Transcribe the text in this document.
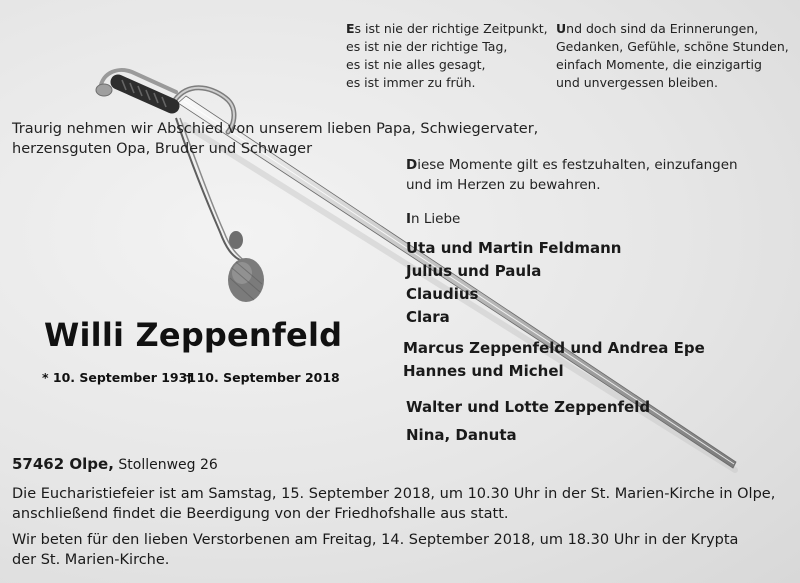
Es ist nie der richtige Zeitpunkt,
es ist nie der richtige Tag,
es ist nie alles gesagt,
es ist immer zu früh.
Und doch sind da Erinnerungen,
Gedanken, Gefühle, schöne Stunden,
einfach Momente, die einzigartig
und unvergessen bleiben.
Traurig nehmen wir Abschied von unserem lieben Papa, Schwiegervater,
herzensguten Opa, Bruder und Schwager
Diese Momente gilt es festzuhalten, einzufangen
und im Herzen zu bewahren.
In Liebe
Uta und Martin Feldmann
Julius und Paula
Claudius
Clara
Marcus Zeppenfeld und Andrea Epe
Hannes und Michel
Walter und Lotte Zeppenfeld
Nina, Danuta
Willi Zeppenfeld
* 10. September 1931
† 10. September 2018
57462 Olpe, Stollenweg 26
Die Eucharistiefeier ist am Samstag, 15. September 2018, um 10.30 Uhr in der St. Marien-Kirche in Olpe, anschließend findet die Beerdigung von der Friedhofshalle aus statt.
Wir beten für den lieben Verstorbenen am Freitag, 14. September 2018, um 18.30 Uhr in der Krypta der St. Marien-Kirche.
